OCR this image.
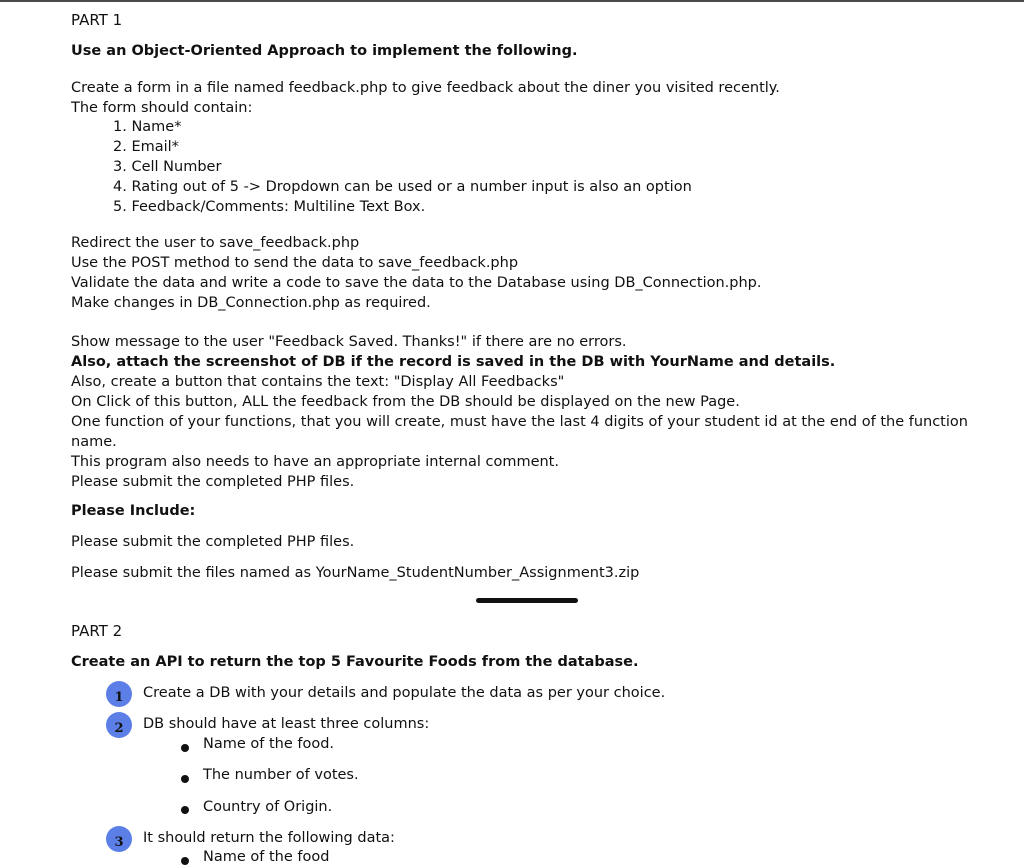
PART 1
Use an Object-Oriented Approach to implement the following.
Create a form in a file named feedback.php to give feedback about the diner you visited recently.
The form should contain:
1. Name*
2. Email*
3. Cell Number
4. Rating out of 5 -> Dropdown can be used or a number input is also an option
5. Feedback/Comments: Multiline Text Box.
Redirect the user to save_feedback.php
Use the POST method to send the data to save_feedback.php
Validate the data and write a code to save the data to the Database using DB_Connection.php.
Make changes in DB_Connection.php as required.
Show message to the user "Feedback Saved. Thanks!" if there are no errors.
Also, attach the screenshot of DB if the record is saved in the DB with YourName and details.
Also, create a button that contains the text: "Display All Feedbacks"
On Click of this button, ALL the feedback from the DB should be displayed on the new Page.
One function of your functions, that you will create, must have the last 4 digits of your student id at the end of the function
name.
This program also needs to have an appropriate internal comment.
Please submit the completed PHP files.
Please Include:
Please submit the completed PHP files.
Please submit the files named as YourName_StudentNumber_Assignment3.zip
PART 2
Create an API to return the top 5 Favourite Foods from the database.
1	Create a DB with your details and populate the data as per your choice.
2	DB should have at least three columns:
Name of the food.
The number of votes.
Country of Origin.
3	It should return the following data:
Name of the food
